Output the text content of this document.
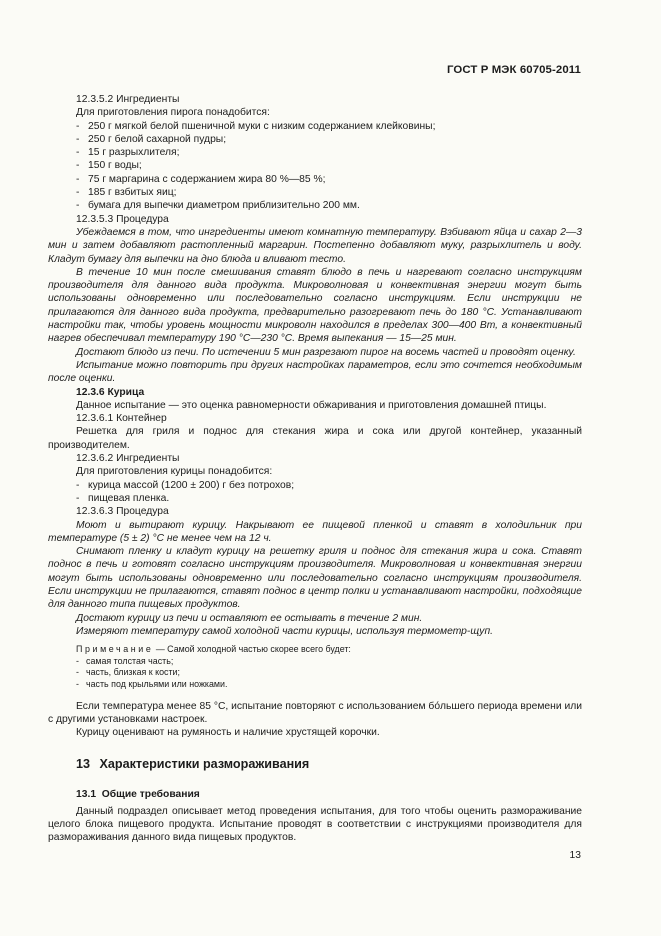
ГОСТ Р МЭК 60705-2011

12.3.5.2 Ингредиенты

Для приготовления пирога понадобится:

- 250 г мягкой белой пшеничной муки с низким содержанием клейковины;

- 250 г белой сахарной пудры;

- 15 г разрыхлителя;

- 150 г воды;

- 75 г маргарина с содержанием жира 80 %—85 %;

- 185 г взбитых яиц;

- бумага для выпечки диаметром приблизительно 200 мм.

12.3.5.3 Процедура

Убеждаемся в том, что ингредиенты имеют комнатную температуру. Взбивают яйца и сахар 2—3 мин и затем добавляют растопленный маргарин. Постепенно добавляют муку, разрыхлитель и воду. Кладут бумагу для выпечки на дно блюда и вливают тесто.

В течение 10 мин после смешивания ставят блюдо в печь и нагревают согласно инструкциям производителя для данного вида продукта. Микроволновая и конвективная энергии могут быть использованы одновременно или последовательно согласно инструкциям. Если инструкции не прилагаются для данного вида продукта, предварительно разогревают печь до 180 °С. Устанавливают настройки так, чтобы уровень мощности микроволн находился в пределах 300—400 Вт, а конвективный нагрев обеспечивал температуру 190 °С—230 °С. Время выпекания — 15—25 мин.

Достают блюдо из печи. По истечении 5 мин разрезают пирог на восемь частей и проводят оценку.

Испытание можно повторить при других настройках параметров, если это сочтется необходимым после оценки.

12.3.6 Курица

Данное испытание — это оценка равномерности обжаривания и приготовления домашней птицы.

12.3.6.1 Контейнер

Решетка для гриля и поднос для стекания жира и сока или другой контейнер, указанный производителем.

12.3.6.2 Ингредиенты

Для приготовления курицы понадобится:

- курица массой (1200 ± 200) г без потрохов;

- пищевая пленка.

12.3.6.3 Процедура

Моют и вытирают курицу. Накрывают ее пищевой пленкой и ставят в холодильник при температуре (5 ± 2) °С не менее чем на 12 ч.

Снимают пленку и кладут курицу на решетку гриля и поднос для стекания жира и сока. Ставят поднос в печь и готовят согласно инструкциям производителя. Микроволновая и конвективная энергии могут быть использованы одновременно или последовательно согласно инструкциям производителя. Если инструкции не прилагаются, ставят поднос в центр полки и устанавливают настройки, подходящие для данного типа пищевых продуктов.

Достают курицу из печи и оставляют ее остывать в течение 2 мин.

Измеряют температуру самой холодной части курицы, используя термометр-щуп.

Примечание — Самой холодной частью скорее всего будет:

- самая толстая часть;

- часть, близкая к кости;

- часть под крыльями или ножками.

Если температура менее 85 °С, испытание повторяют с использованием бо́льшего периода времени или с другими установками настроек.

Курицу оценивают на румяность и наличие хрустящей корочки.

13 Характеристики размораживания
13.1 Общие требования

Данный подраздел описывает метод проведения испытания, для того чтобы оценить размораживание целого блока пищевого продукта. Испытание проводят в соответствии с инструкциями производителя для размораживания данного вида пищевых продуктов.

13
